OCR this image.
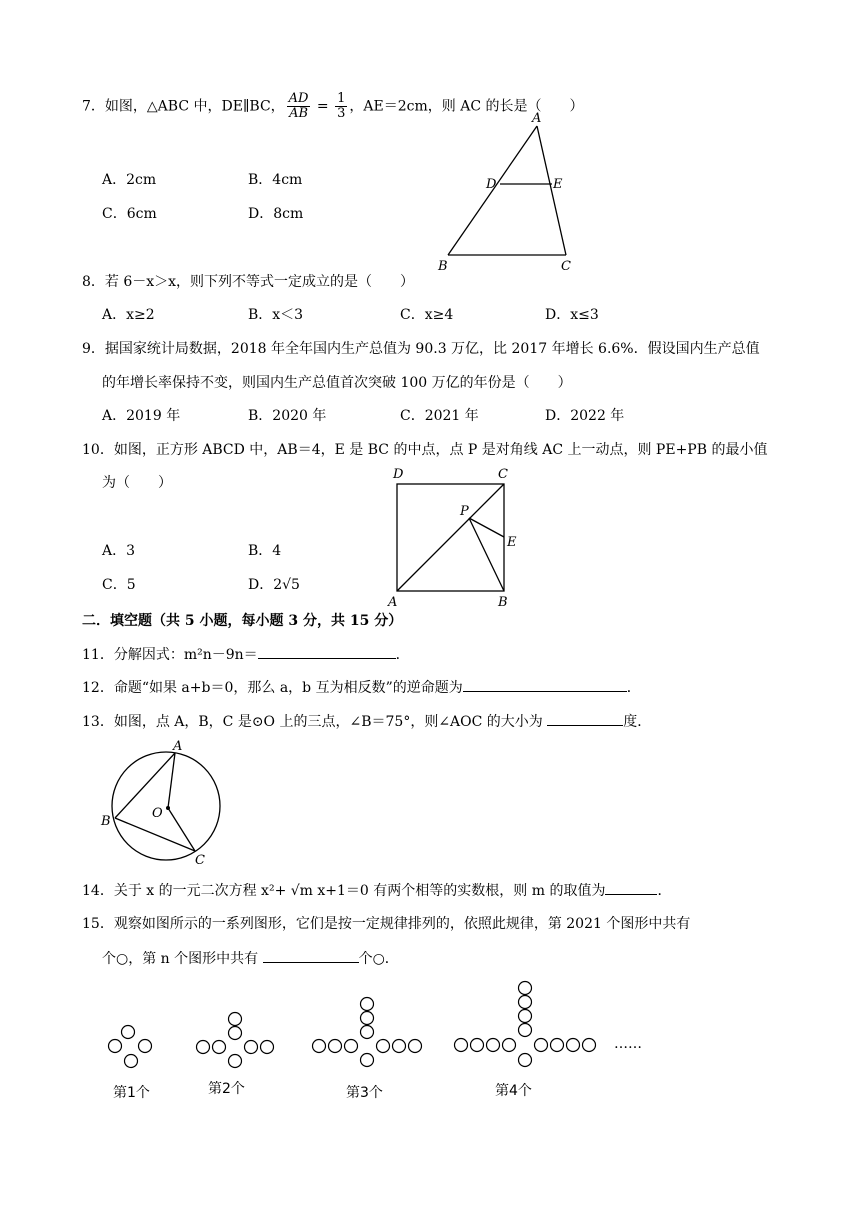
7．如图，△ABC 中，DE∥BC， $\frac{AD}{AB} = \frac{1}{3}$ ，AE＝2cm，则 AC 的长是（　　）
A．2cm	B．4cm
C．6cm	D．8cm
A
D	E
B	C
8．若 6－x＞x，则下列不等式一定成立的是（　　）
A．x≥2	B．x＜3	C．x≥4	D．x≤3
9．据国家统计局数据，2018 年全年国内生产总值为 90.3 万亿，比 2017 年增长 6.6%．假设国内生产总值
的年增长率保持不变，则国内生产总值首次突破 100 万亿的年份是（　　）
A．2019 年	B．2020 年	C．2021 年	D．2022 年
10．如图，正方形 ABCD 中，AB＝4，E 是 BC 的中点，点 P 是对角线 AC 上一动点，则 PE+PB 的最小值
为（　　）
A．3	B．4
C．5	D．2√5
D	C
P
E
A	B
二．填空题（共 5 小题，每小题 3 分，共 15 分）
11．分解因式：m²n－9n＝	．
12．命题“如果 a+b＝0，那么 a，b 互为相反数”的逆命题为	．
13．如图，点 A，B，C 是⊙O 上的三点，∠B＝75°，则∠AOC 的大小为	度．
A
B
O
C
14．关于 x 的一元二次方程 x²+ √m x+1＝0 有两个相等的实数根，则 m 的取值为	．
15．观察如图所示的一系列图形，它们是按一定规律排列的，依照此规律，第 2021 个图形中共有
个○，第 n 个图形中共有	个○．
……
第1个	第2个	第3个	第4个
